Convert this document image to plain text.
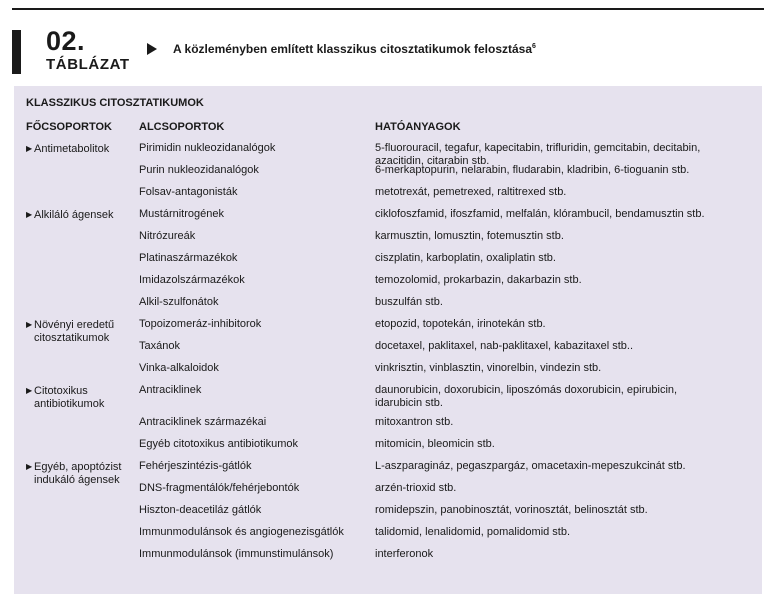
02.
TÁBLÁZAT
A közleményben említett klasszikus citosztatikumok felosztása$^6$
KLASSZIKUS CITOSZTATIKUMOK
FŐCSOPORTOK ALCSOPORTOK	HATÓANYAGOK
▶ Antimetabolitok	Pirimidin nukleozidanalógok	5-fluorouracil, tegafur, kapecitabin, trifluridin, gemcitabin, decitabin,
azacitidin, citarabin stb.
Purin nukleozidanalógok	6-merkaptopurin, nelarabin, fludarabin, kladribin, 6-tioguanin stb.
Folsav-antagonisták	metotrexát, pemetrexed, raltitrexed stb.
▶ Alkiláló ágensek	Mustárnitrogének	ciklofoszfamid, ifoszfamid, melfalán, klórambucil, bendamusztin stb.
Nitrózureák	karmusztin, lomusztin, fotemusztin stb.
Platinaszármazékok	ciszplatin, karboplatin, oxaliplatin stb.
Imidazolszármazékok	temozolomid, prokarbazin, dakarbazin stb.
Alkil-szulfonátok	buszulfán stb.
▶ Növényi eredetű
citosztatikumok
Topoizomeráz-inhibitorok	etopozid, topotekán, irinotekán stb.
Taxánok	docetaxel, paklitaxel, nab-paklitaxel, kabazitaxel stb..
Vinka-alkaloidok	vinkrisztin, vinblasztin, vinorelbin, vindezin stb.
▶ Citotoxikus
antibiotikumok
Antraciklinek	daunorubicin, doxorubicin, liposzómás doxorubicin, epirubicin,
idarubicin stb.
Antraciklinek származékai	mitoxantron stb.
Egyéb citotoxikus antibiotikumok	mitomicin, bleomicin stb.
▶ Egyéb, apoptózist
indukáló ágensek
Fehérjeszintézis-gátlók	L-aszparagináz, pegaszpargáz, omacetaxin-mepeszukcinát stb.
DNS-fragmentálók/fehérjebontók	arzén-trioxid stb.
Hiszton-deacetiláz gátlók	romidepszin, panobinosztát, vorinosztát, belinosztát stb.
Immunmodulánsok és angiogenezisgátlók	talidomid, lenalidomid, pomalidomid stb.
Immunmodulánsok (immunstimulánsok)	interferonok
